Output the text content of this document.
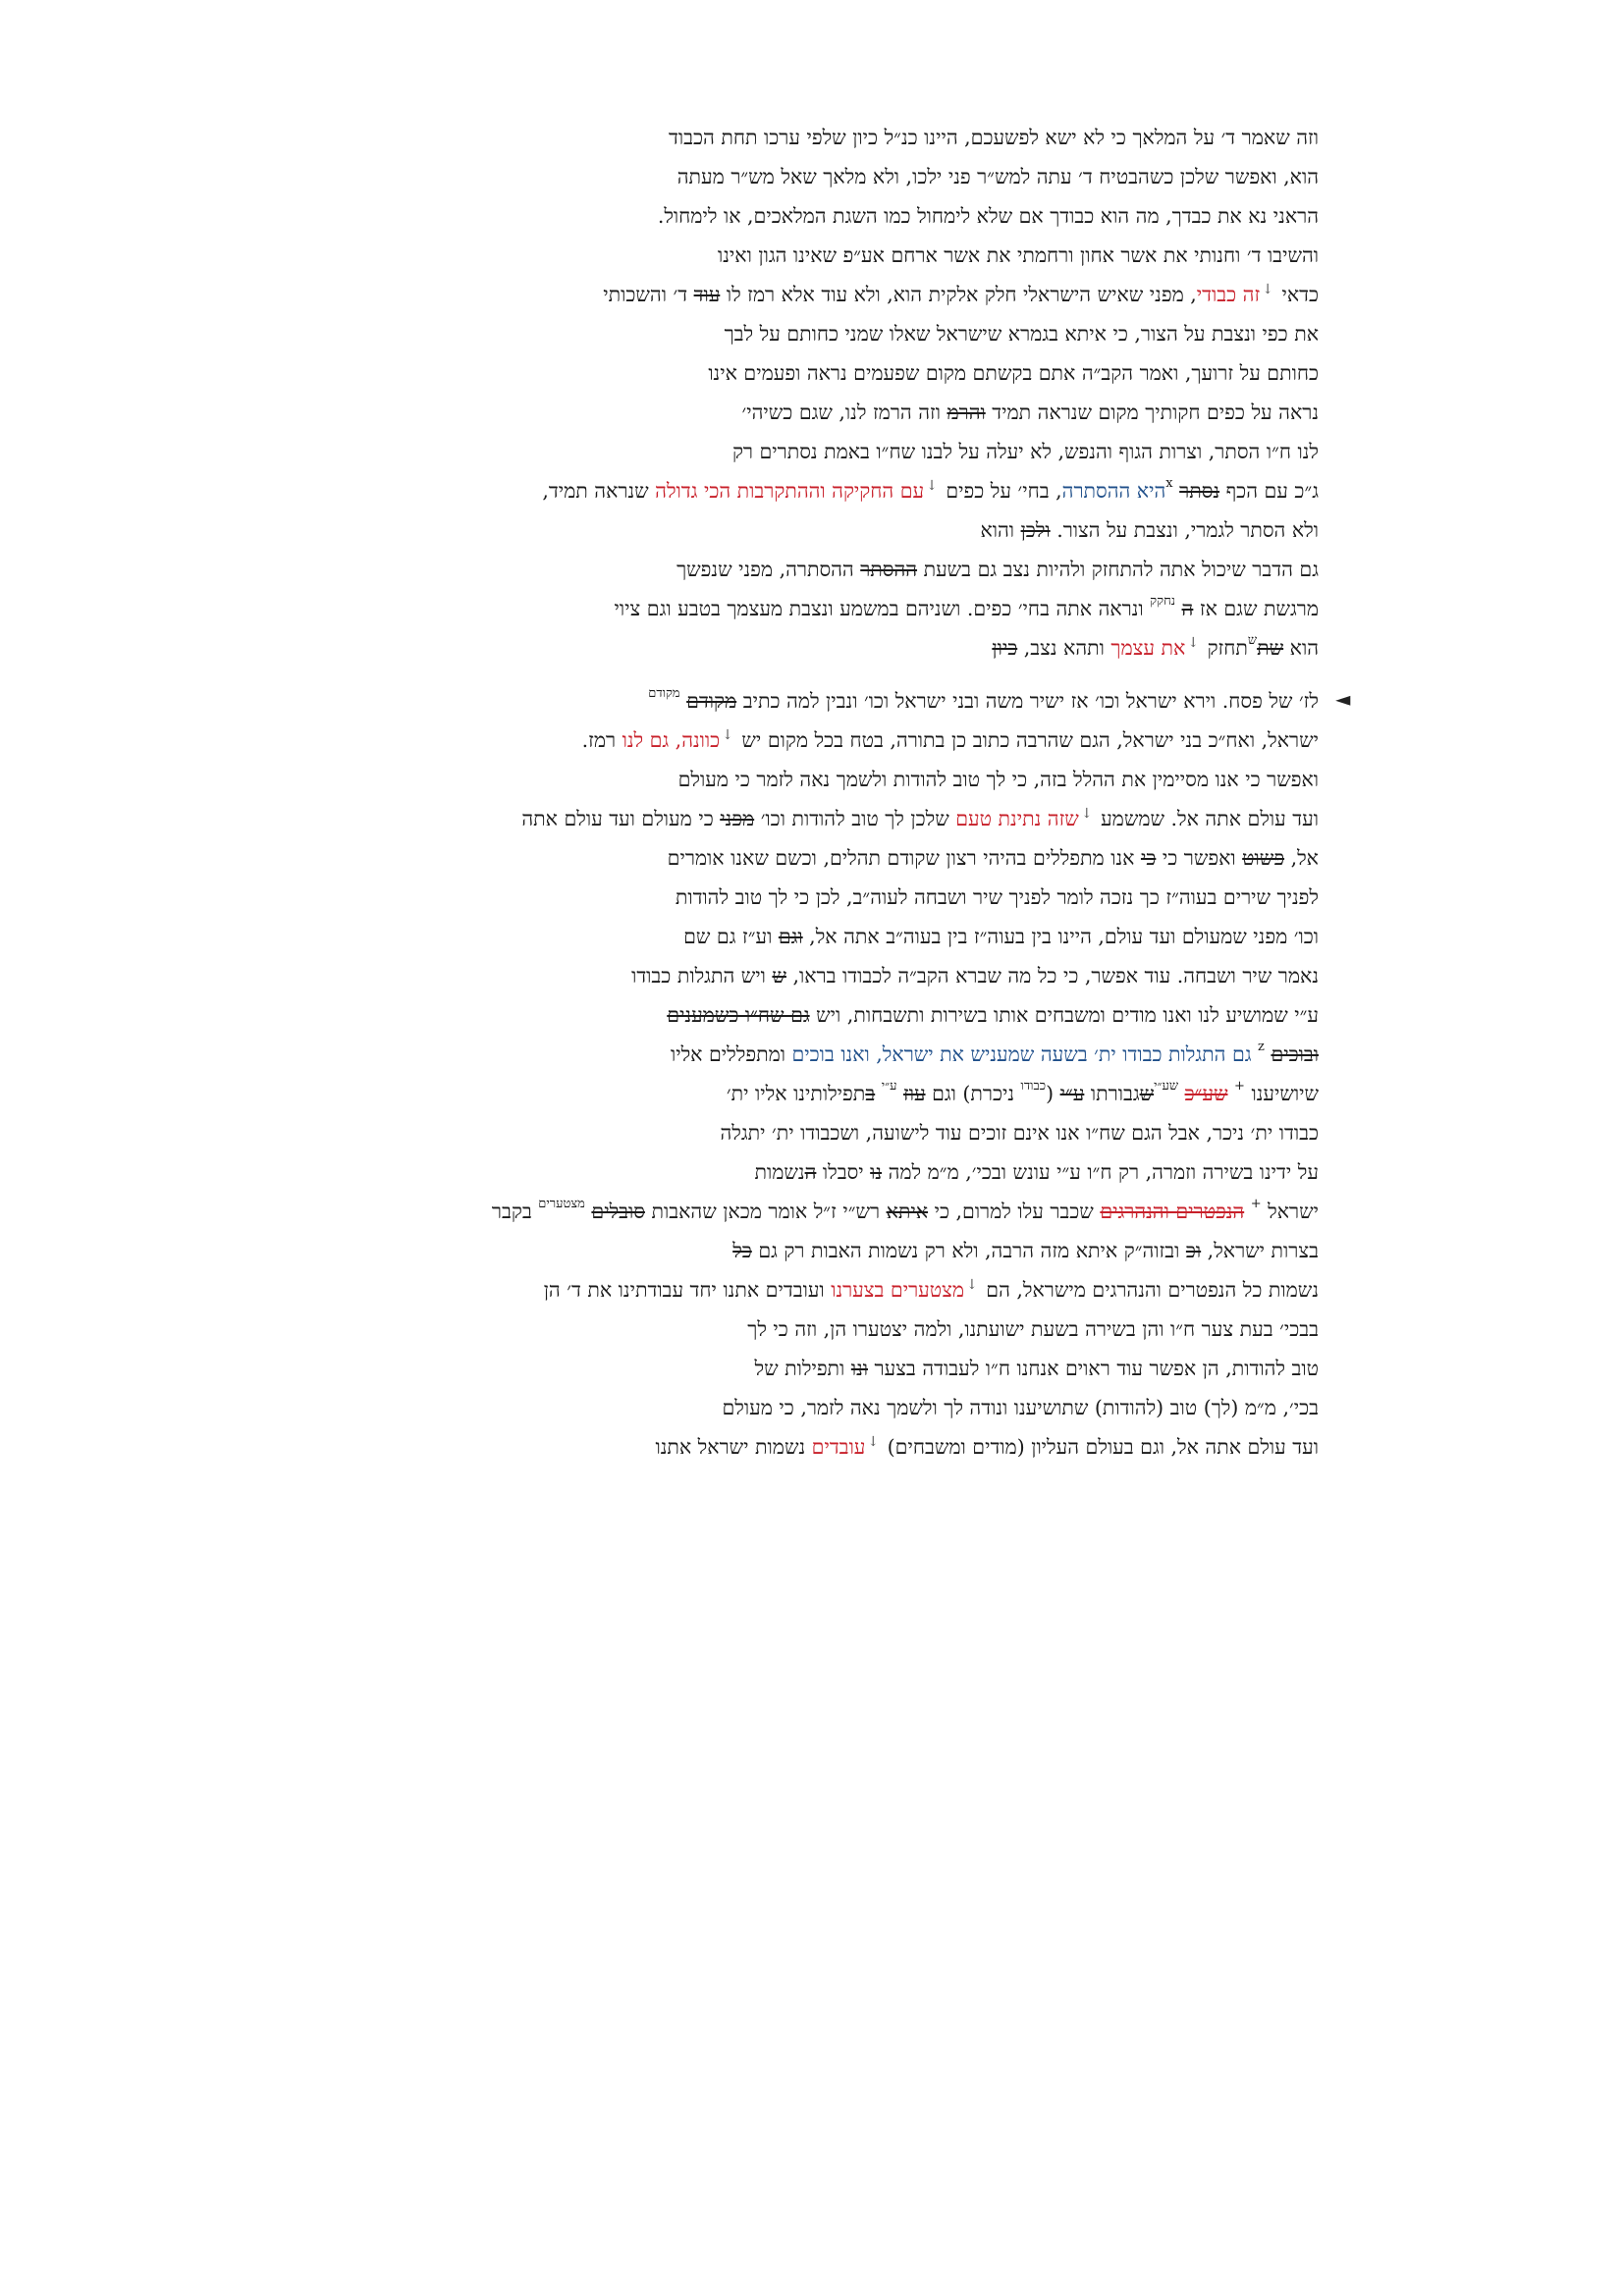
◄
וזה שאמר ד׳ על המלאך כי לא ישא לפשעכם, היינו כנ״ל כיון שלפי ערכו תחת הכבוד
הוא, ואפשר שלכן כשהבטיח ד׳ עתה למש״ר פני ילכו, ולא מלאך שאל מש״ר מעתה
הראני נא את כבדך, מה הוא כבודך אם שלא לימחול כמו השגת המלאכים, או לימחול.
והשיבו ד׳ וחנותי את אשר אחון ורחמתי את אשר ארחם אע״פ שאינו הגון ואינו
כדאי ↓זה כבודי, מפני שאיש הישראלי חלק אלקית הוא, ולא עוד אלא רמז לו עוד ד׳ והשכותי
את כפי ונצבת על הצור, כי איתא בגמרא שישראל שאלו שמני כחותם על לבך
כחותם על זרועך, ואמר הקב״ה אתם בקשתם מקום שפעמים נראה ופעמים אינו
נראה על כפים חקותיך מקום שנראה תמיד והרמ וזה הרמז לנו, שגם כשיהי׳
לנו ח״ו הסתר, וצרות הגוף והנפש, לא יעלה על לבנו שח״ו באמת נסתרים רק
ג״כ עם הכף נסתר $^x$היא ההסתרה, בחי׳ על כפים ↓עם החקיקה וההתקרבות הכי גדולה שנראה תמיד,
ולא הסתר לגמרי, ונצבת על הצור. ולכן והוא
גם הדבר שיכול אתה להתחזק ולהיות נצב גם בשעת ההסתר ההסתרה, מפני שנפשך
מרגשת שגם אז ה $^{נחקק}$ ונראה אתה בחי׳ כפים. ושניהם במשמע ונצבת מעצמך בטבע וגם ציוי
הוא שת$^ש$תחזק ↓את עצמך ותהא נצב, כיון
לז׳ של פסח. וירא ישראל וכו׳ אז ישיר משה ובני ישראל וכו׳ ונבין למה כתיב מקודם $^{מקודם}$
ישראל, ואח״כ בני ישראל, הגם שהרבה כתוב כן בתורה, בטח בכל מקום יש ↓כוונה, גם לנו רמז.
ואפשר כי אנו מסיימין את ההלל בזה, כי לך טוב להודות ולשמך נאה לזמר כי מעולם
ועד עולם אתה אל. שמשמע ↓שזה נתינת טעם שלכן לך טוב להודות וכו׳ מפני כי מעולם ועד עולם אתה
אל, פשוט ואפשר כי כי אנו מתפללים בהיהי רצון שקודם תהלים, וכשם שאנו אומרים
לפניך שירים בעוה״ז כך נזכה לומר לפניך שיר ושבחה לעוה״ב, לכן כי לך טוב להודות
וכו׳ מפני שמעולם ועד עולם, היינו בין בעוה״ז בין בעוה״ב אתה אל, וגם וע״ז גם שם
נאמר שיר ושבחה. עוד אפשר, כי כל מה שברא הקב״ה לכבודו בראו, ש ויש התגלות כבודו
ע״י שמושיע לנו ואנו מודים ומשבחים אותו בשירות ותשבחות, ויש גם שח״ו כשמענים
ובוכים $^z$ גם התגלות כבודו ית׳ בשעה שמעניש את ישראל, ואנו בוכים ומתפללים אליו
שיושיענו + שע״כ $^{שע״י}$שגבורתו ע״י ($^{כבודו}$ ניכרת) וגם עוז $^{ע״י}$ בתפילותינו אליו ית׳
כבודו ית׳ ניכר, אבל הגם שח״ו אנו אינם זוכים עוד לישועה, ושכבודו ית׳ יתגלה
על ידינו בשירה וזמרה, רק ח״ו ע״י עונש ובכי׳, מ״מ למה נו יסבלו הנשמות
ישראל + הנפטרים והנהרגים שכבר עלו למרום, כי איתא רש״י ז״ל אומר מכאן שהאבות סובלים $^{מצטערים}$ בקבר
בצרות ישראל, וכ ובזוה״ק איתא מזה הרבה, ולא רק נשמות האבות רק גם כל
נשמות כל הנפטרים והנהרגים מישראל, הם ↓מצטערים בצערנו ועובדים אתנו יחד עבודתינו את ד׳ הן
בבכי׳ בעת צער ח״ו והן בשירה בשעת ישועתנו, ולמה יצטערו הן, וזה כי לך
טוב להודות, הן אפשר עוד ראוים אנחנו ח״ו לעבודה בצער ונו ותפילות של
בכי׳, מ״מ (לך) טוב (להודות) שתושיענו ונודה לך ולשמך נאה לזמר, כי מעולם
ועד עולם אתה אל, וגם בעולם העליון (מודים ומשבחים) ↓עובדים נשמות ישראל אתנו
